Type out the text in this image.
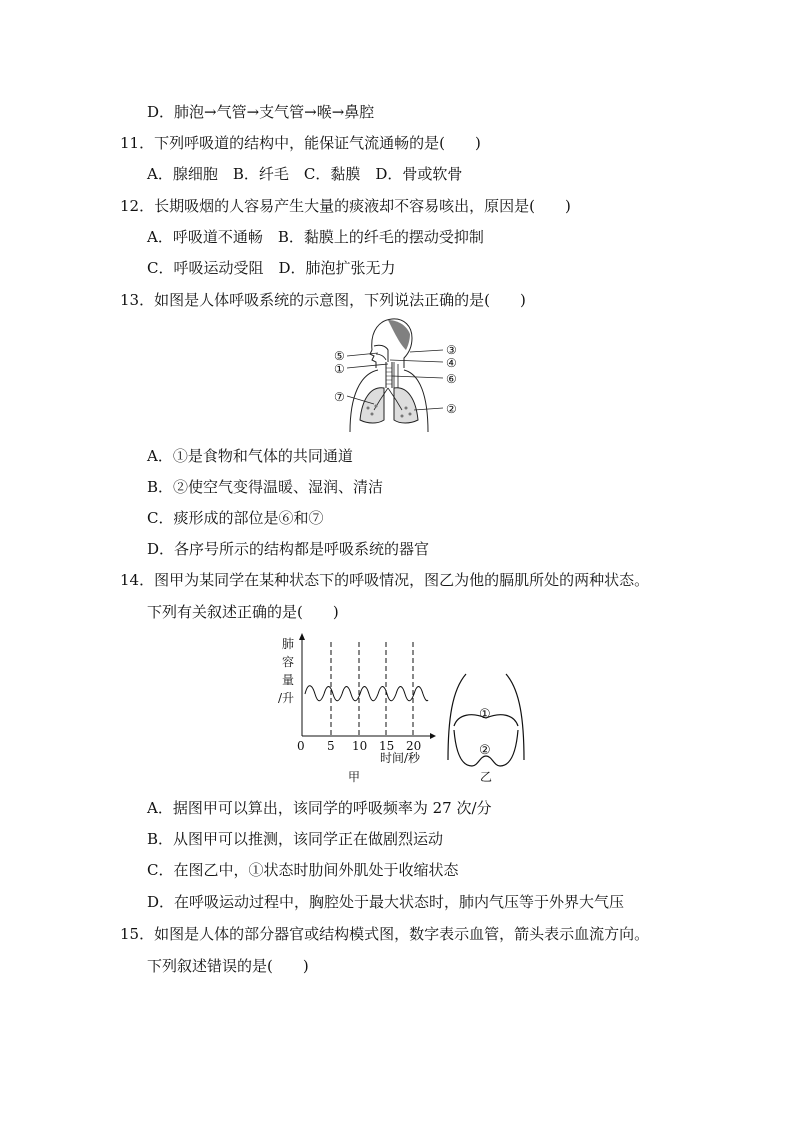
D．肺泡→气管→支气管→喉→鼻腔
11．下列呼吸道的结构中，能保证气流通畅的是(　　)
A．腺细胞　B．纤毛　C．黏膜　D．骨或软骨
12．长期吸烟的人容易产生大量的痰液却不容易咳出，原因是(　　)
A．呼吸道不通畅　B．黏膜上的纤毛的摆动受抑制
C．呼吸运动受阻　D．肺泡扩张无力
13．如图是人体呼吸系统的示意图，下列说法正确的是(　　)
⑤
①
⑦
③
④
⑥
②
A．①是食物和气体的共同通道
B．②使空气变得温暖、湿润、清洁
C．痰形成的部位是⑥和⑦
D．各序号所示的结构都是呼吸系统的器官
14．图甲为某同学在某种状态下的呼吸情况，图乙为他的膈肌所处的两种状态。
下列有关叙述正确的是(　　)
肺
容
量
/升
0 5 10 15 20
时间/秒
甲
①
②
乙
A．据图甲可以算出，该同学的呼吸频率为 27 次/分
B．从图甲可以推测，该同学正在做剧烈运动
C．在图乙中，①状态时肋间外肌处于收缩状态
D．在呼吸运动过程中，胸腔处于最大状态时，肺内气压等于外界大气压
15．如图是人体的部分器官或结构模式图，数字表示血管，箭头表示血流方向。
下列叙述错误的是(　　)
